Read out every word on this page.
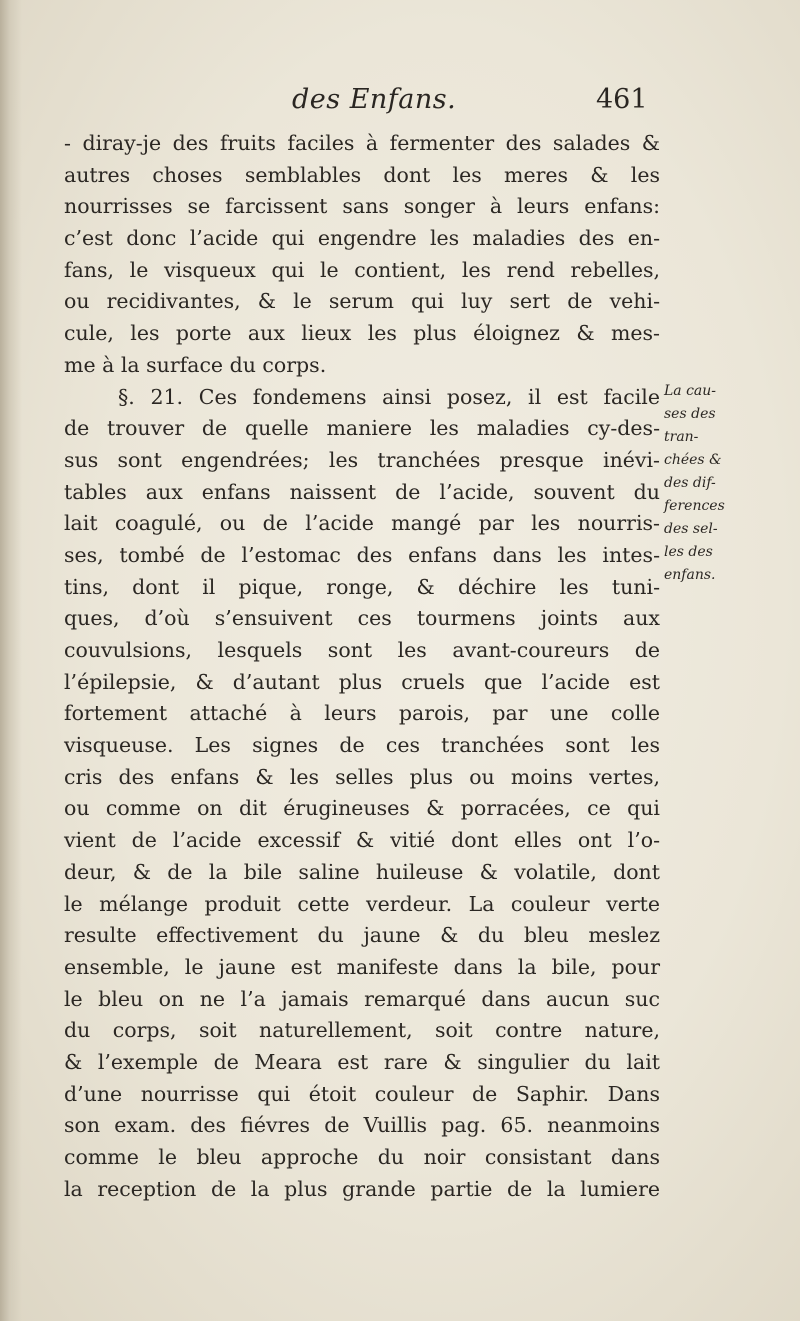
des Enfans.	461
- diray-je des fruits faciles à fermenter des salades &
autres choses semblables dont les meres & les
nourrisses se farcissent sans songer à leurs enfans:
c’est donc l’acide qui engendre les maladies des en-
fans, le visqueux qui le contient, les rend rebelles,
ou recidivantes, & le serum qui luy sert de vehi-
cule, les porte aux lieux les plus éloignez & mes-
me à la surface du corps.
§. 21. Ces fondemens ainsi posez, il est facile
de trouver de quelle maniere les maladies cy-des-
sus sont engendrées; les tranchées presque inévi-
tables aux enfans naissent de l’acide, souvent du
lait coagulé, ou de l’acide mangé par les nourris-
ses, tombé de l’estomac des enfans dans les intes-
tins, dont il pique, ronge, & déchire les tuni-
ques, d’où s’ensuivent ces tourmens joints aux
couvulsions, lesquels sont les avant-coureurs de
l’épilepsie, & d’autant plus cruels que l’acide est
fortement attaché à leurs parois, par une colle
visqueuse. Les signes de ces tranchées sont les
cris des enfans & les selles plus ou moins vertes,
ou comme on dit érugineuses & porracées, ce qui
vient de l’acide excessif & vitié dont elles ont l’o-
deur, & de la bile saline huileuse & volatile, dont
le mélange produit cette verdeur. La couleur verte
resulte effectivement du jaune & du bleu meslez
ensemble, le jaune est manifeste dans la bile, pour
le bleu on ne l’a jamais remarqué dans aucun suc
du corps, soit naturellement, soit contre nature,
& l’exemple de Meara est rare & singulier du lait
d’une nourrisse qui étoit couleur de Saphir. Dans
son exam. des fiévres de Vuillis pag. 65. neanmoins
comme le bleu approche du noir consistant dans
la reception de la plus grande partie de la lumiere
La cau-
ses des
tran-
chées &
des dif-
ferences
des sel-
les des
enfans.
